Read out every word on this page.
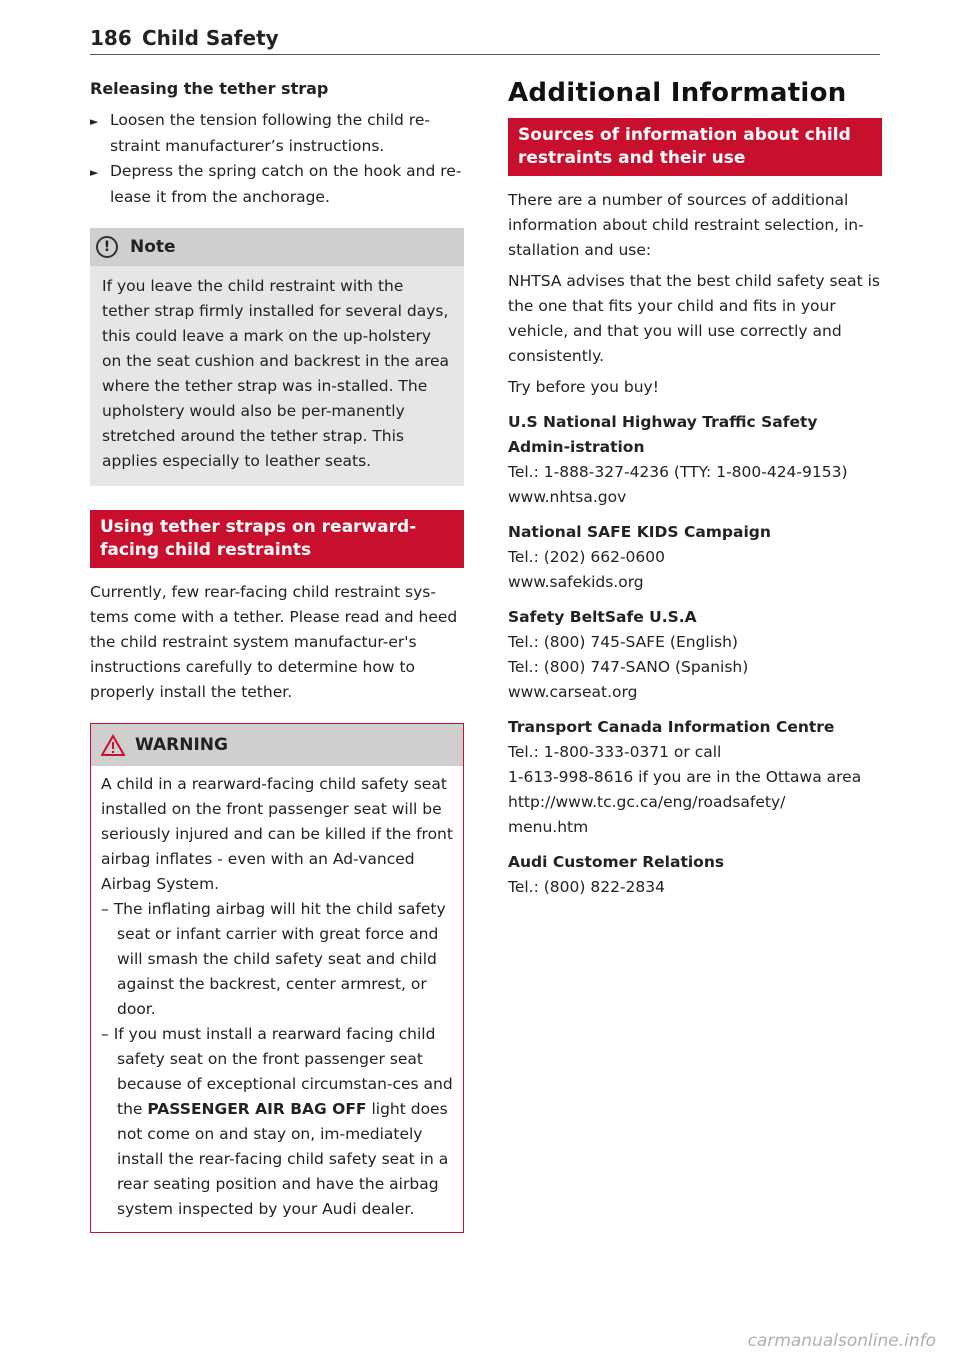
186 Child Safety
Releasing the tether strap

► Loosen the tension following the child re-straint manufacturer’s instructions.

► Depress the spring catch on the hook and re-lease it from the anchorage.

!	Note
If you leave the child restraint with the tether strap firmly installed for several days, this could leave a mark on the up-holstery on the seat cushion and backrest in the area where the tether strap was in-stalled. The upholstery would also be per-manently stretched around the tether strap. This applies especially to leather seats.
Using tether straps on rearward-facing child restraints

Currently, few rear-facing child restraint sys-tems come with a tether. Please read and heed the child restraint system manufactur-er's instructions carefully to determine how to properly install the tether.

WARNING

A child in a rearward-facing child safety seat installed on the front passenger seat will be seriously injured and can be killed if the front airbag inflates - even with an Ad-vanced Airbag System.

– The inflating airbag will hit the child safety seat or infant carrier with great force and will smash the child safety seat and child against the backrest, center armrest, or door.

– If you must install a rearward facing child safety seat on the front passenger seat because of exceptional circumstan-ces and the PASSENGER AIR BAG OFF light does not come on and stay on, im-mediately install the rear-facing child safety seat in a rear seating position and have the airbag system inspected by your Audi dealer.

Additional Information
Sources of information about child restraints and their use

There are a number of sources of additional information about child restraint selection, in-stallation and use:

NHTSA advises that the best child safety seat is the one that fits your child and fits in your vehicle, and that you will use correctly and consistently.

Try before you buy!

U.S National Highway Traffic Safety Admin-istration

Tel.: 1-888-327-4236 (TTY: 1-800-424-9153)

www.nhtsa.gov

National SAFE KIDS Campaign

Tel.: (202) 662-0600

www.safekids.org

Safety BeltSafe U.S.A

Tel.: (800) 745-SAFE (English)

Tel.: (800) 747-SANO (Spanish)

www.carseat.org

Transport Canada Information Centre

Tel.: 1-800-333-0371 or call

1-613-998-8616 if you are in the Ottawa area

http://www.tc.gc.ca/eng/roadsafety/

menu.htm

Audi Customer Relations

Tel.: (800) 822-2834

carmanualsonline.info
